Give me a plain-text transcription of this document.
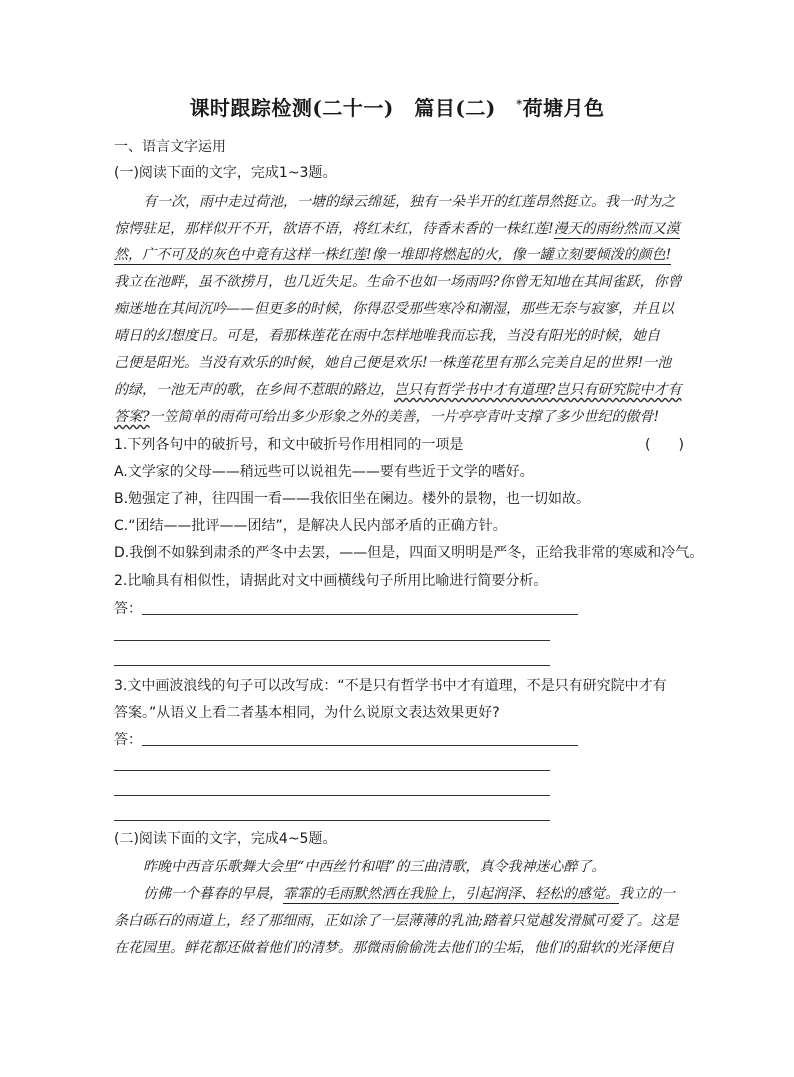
课时跟踪检测(二十一)　篇目(二)　*荷塘月色
一、语言文字运用
(一)阅读下面的文字，完成1~3题。
有一次，雨中走过荷池，一塘的绿云绵延，独有一朵半开的红莲昂然挺立。我一时为之
惊愕驻足，那样似开不开，欲语不语，将红未红，待香未香的一株红莲!漫天的雨纷然而又漠
然，广不可及的灰色中竟有这样一株红莲!像一堆即将燃起的火，像一罐立刻要倾泼的颜色!
我立在池畔，虽不欲捞月，也几近失足。生命不也如一场雨吗?你曾无知地在其间雀跃，你曾
痴迷地在其间沉吟——但更多的时候，你得忍受那些寒冷和潮湿，那些无奈与寂寥，并且以
晴日的幻想度日。可是，看那株莲花在雨中怎样地唯我而忘我，当没有阳光的时候，她自
己便是阳光。当没有欢乐的时候，她自己便是欢乐!一株莲花里有那么完美自足的世界!一池
的绿，一池无声的歌，在乡间不惹眼的路边，岂只有哲学书中才有道理?岂只有研究院中才有
答案?一笠简单的雨荷可给出多少形象之外的美善，一片亭亭青叶支撑了多少世纪的傲骨!
1.下列各句中的破折号，和文中破折号作用相同的一项是	(　　)
A.文学家的父母——稍远些可以说祖先——要有些近于文学的嗜好。
B.勉强定了神，往四围一看——我依旧坐在阑边。楼外的景物，也一切如故。
C.“团结——批评——团结”，是解决人民内部矛盾的正确方针。
D.我倒不如躲到肃杀的严冬中去罢，——但是，四面又明明是严冬，正给我非常的寒威和冷气。
2.比喻具有相似性，请据此对文中画横线句子所用比喻进行简要分析。
答：
3.文中画波浪线的句子可以改写成：“不是只有哲学书中才有道理，不是只有研究院中才有
答案。”从语义上看二者基本相同，为什么说原文表达效果更好?
答：
(二)阅读下面的文字，完成4~5题。
昨晚中西音乐歌舞大会里“中西丝竹和唱”的三曲清歌，真令我神迷心醉了。
仿佛一个暮春的早晨，霏霏的毛雨默然洒在我脸上，引起润泽、轻松的感觉。我立的一
条白砾石的雨道上，经了那细雨，正如涂了一层薄薄的乳油;踏着只觉越发滑腻可爱了。这是
在花园里。鲜花都还做着他们的清梦。那微雨偷偷洗去他们的尘垢，他们的甜软的光泽便自
